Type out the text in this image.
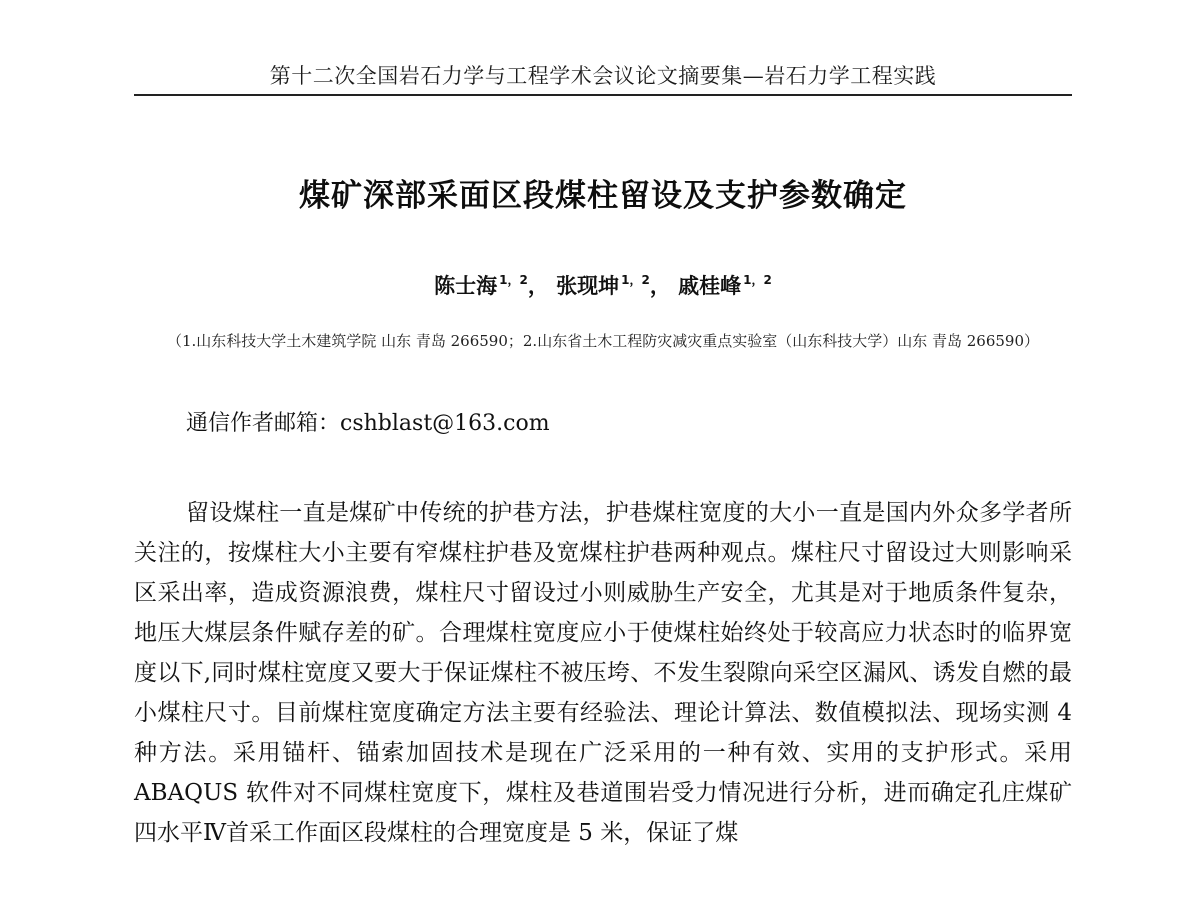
第十二次全国岩石力学与工程学术会议论文摘要集—岩石力学工程实践
煤矿深部采面区段煤柱留设及支护参数确定
陈士海 $^{1,2}$， 张现坤 $^{1,2}$， 戚桂峰 $^{1,2}$
（1.山东科技大学土木建筑学院 山东 青岛 266590；2.山东省土木工程防灾减灾重点实验室（山东科技大学）山东 青岛 266590）
通信作者邮箱：cshblast@163.com

留设煤柱一直是煤矿中传统的护巷方法，护巷煤柱宽度的大小一直是国内外众多学者所关注的，按煤柱大小主要有窄煤柱护巷及宽煤柱护巷两种观点。煤柱尺寸留设过大则影响采区采出率，造成资源浪费，煤柱尺寸留设过小则威胁生产安全，尤其是对于地质条件复杂，地压大煤层条件赋存差的矿。合理煤柱宽度应小于使煤柱始终处于较高应力状态时的临界宽度以下,同时煤柱宽度又要大于保证煤柱不被压垮、不发生裂隙向采空区漏风、诱发自燃的最小煤柱尺寸。目前煤柱宽度确定方法主要有经验法、理论计算法、数值模拟法、现场实测 4 种方法。采用锚杆、锚索加固技术是现在广泛采用的一种有效、实用的支护形式。采用 ABAQUS 软件对不同煤柱宽度下，煤柱及巷道围岩受力情况进行分析，进而确定孔庄煤矿四水平Ⅳ首采工作面区段煤柱的合理宽度是 5 米，保证了煤
